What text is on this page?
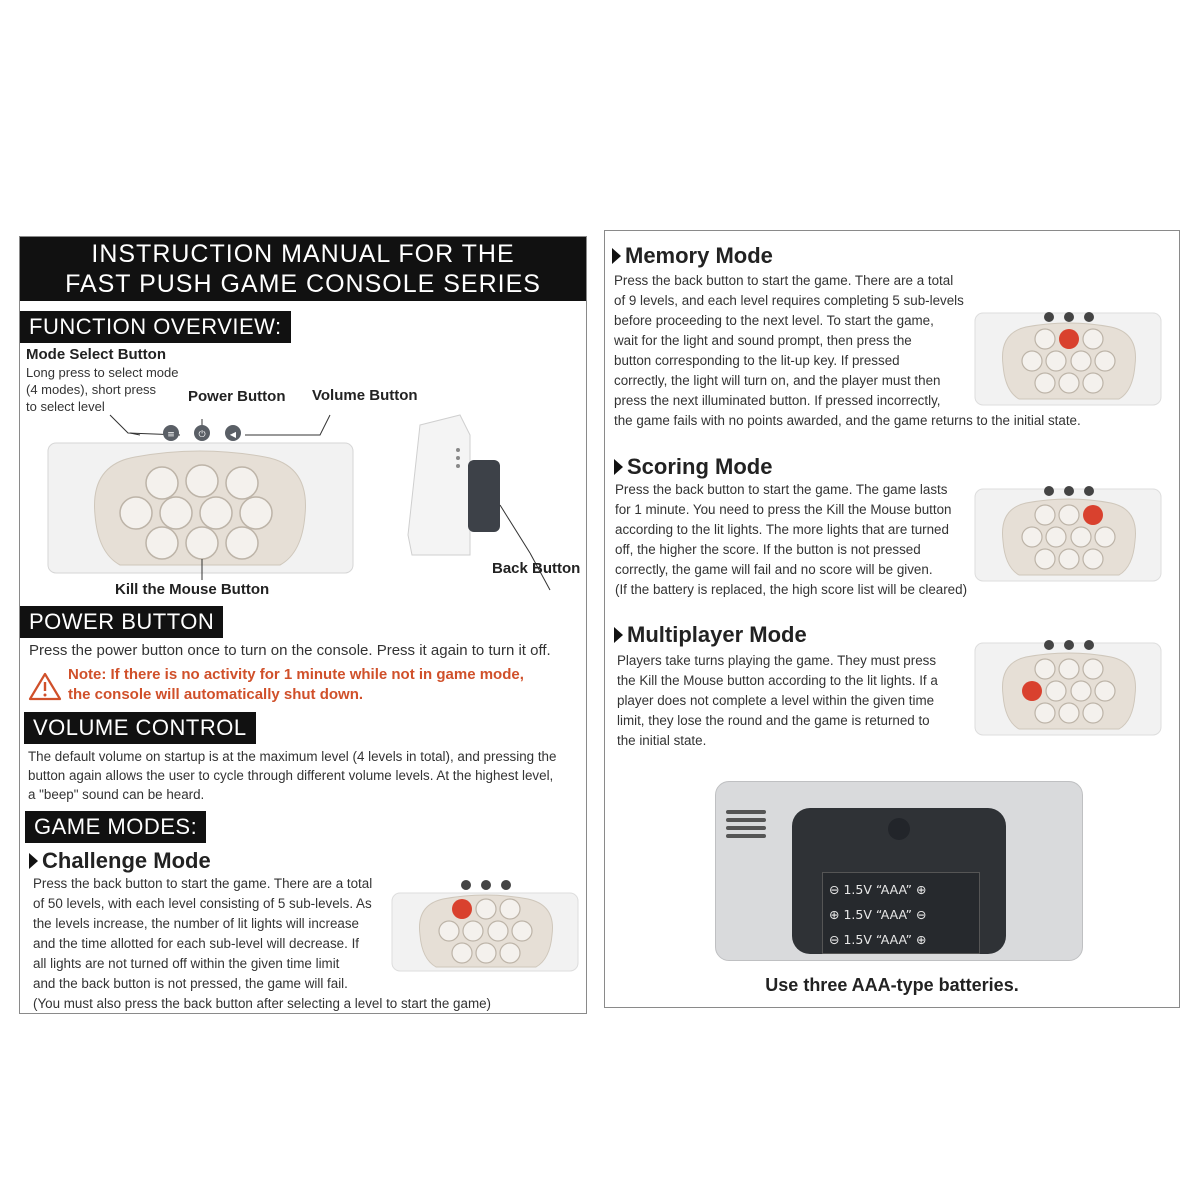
INSTRUCTION MANUAL FOR THE
FAST PUSH GAME CONSOLE SERIES
FUNCTION OVERVIEW:
Mode Select Button
Long press to select mode
(4 modes), short press
to select level
Power Button Volume Button
≡	⏻	◀
Kill the Mouse Button
Back Button
POWER BUTTON
Press the power button once to turn on the console. Press it again to turn it off.
Note: If there is no activity for 1 minute while not in game mode,
the console will automatically shut down.
VOLUME CONTROL
The default volume on startup is at the maximum level (4 levels in total), and pressing the
button again allows the user to cycle through different volume levels. At the highest level,
a "beep" sound can be heard.
GAME MODES:
Challenge Mode
Press the back button to start the game. There are a total
of 50 levels, with each level consisting of 5 sub-levels. As
the levels increase, the number of lit lights will increase
and the time allotted for each sub-level will decrease. If
all lights are not turned off within the given time limit
and the back button is not pressed, the game will fail.
(You must also press the back button after selecting a level to start the game)
Memory Mode
Press the back button to start the game. There are a total
of 9 levels, and each level requires completing 5 sub-levels
before proceeding to the next level. To start the game,
wait for the light and sound prompt, then press the
button corresponding to the lit-up key. If pressed
correctly, the light will turn on, and the player must then
press the next illuminated button. If pressed incorrectly,
the game fails with no points awarded, and the game returns to the initial state.
Scoring Mode
Press the back button to start the game. The game lasts
for 1 minute. You need to press the Kill the Mouse button
according to the lit lights. The more lights that are turned
off, the higher the score. If the button is not pressed
correctly, the game will fail and no score will be given.
(If the battery is replaced, the high score list will be cleared)
Multiplayer Mode
Players take turns playing the game. They must press
the Kill the Mouse button according to the lit lights. If a
player does not complete a level within the given time
limit, they lose the round and the game is returned to
the initial state.
⊖ 1.5V “AAA” ⊕
⊕ 1.5V “AAA” ⊖
⊖ 1.5V “AAA” ⊕
Use three AAA-type batteries.
